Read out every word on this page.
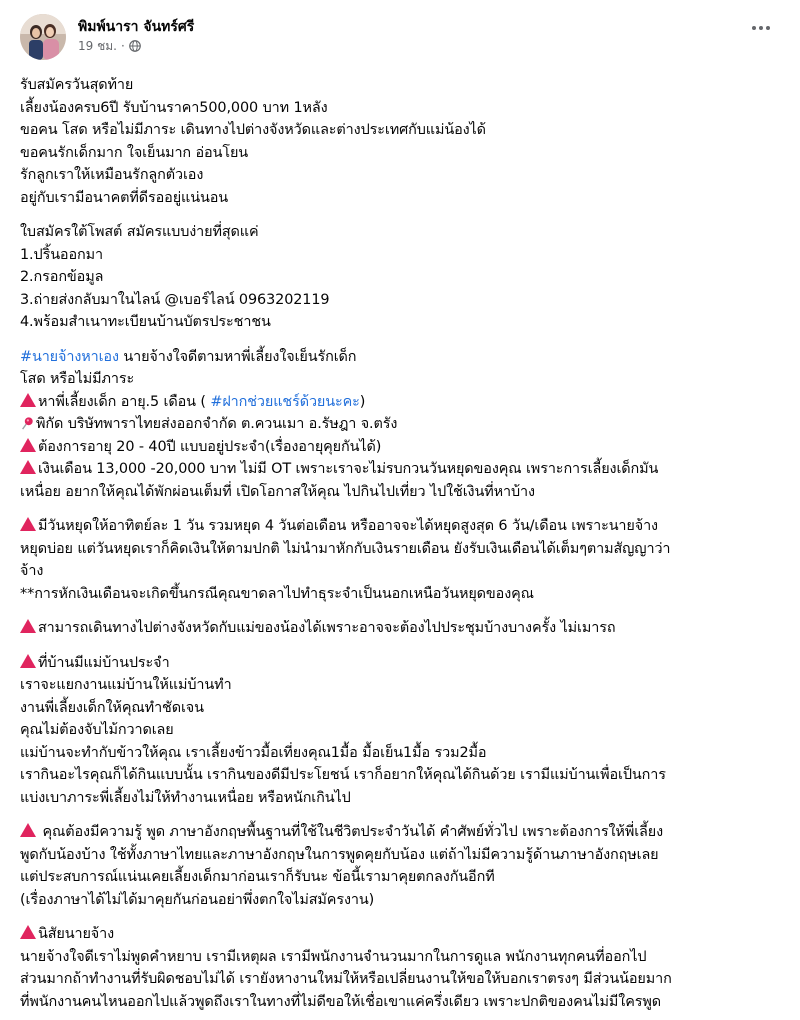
พิมพ์นารา จันทร์ศรี
19 ชม. ·
รับสมัครวันสุดท้าย
เลี้ยงน้องครบ6ปี รับบ้านราคา500,000 บาท 1หลัง
ขอคน โสด หรือไม่มีภาระ เดินทางไปต่างจังหวัดและต่างประเทศกับแม่น้องได้
ขอคนรักเด็กมาก ใจเย็นมาก อ่อนโยน
รักลูกเราให้เหมือนรักลูกตัวเอง
อยู่กับเรามีอนาคตที่ดีรออยู่แน่นอน
ใบสมัครใต้โพสต์ สมัครแบบง่ายที่สุดแค่
1.ปริ้นออกมา
2.กรอกข้อมูล
3.ถ่ายส่งกลับมาในไลน์ @เบอร์ไลน์ 0963202119
4.พร้อมสำเนาทะเบียนบ้านบัตรประชาชน
#นายจ้างหาเอง นายจ้างใจดีตามหาพี่เลี้ยงใจเย็นรักเด็ก
โสด หรือไม่มีภาระ
หาพี่เลี้ยงเด็ก อายุ.5 เดือน ( #ฝากช่วยแชร์ด้วยนะคะ)
พิกัด บริษัทพาราไทยส่งออกจำกัด ต.ควนเมา อ.รัษฎา จ.ตรัง
ต้องการอายุ 20 - 40ปี แบบอยู่ประจำ(เรื่องอายุคุยกันได้)
เงินเดือน 13,000 -20,000 บาท ไม่มี OT เพราะเราจะไม่รบกวนวันหยุดของคุณ เพราะการเลี้ยงเด็กมัน
เหนื่อย อยากให้คุณได้พักผ่อนเต็มที่ เปิดโอกาสให้คุณ ไปกินไปเที่ยว ไปใช้เงินที่หาบ้าง
มีวันหยุดให้อาทิตย์ละ 1 วัน รวมหยุด 4 วันต่อเดือน หรืออาจจะได้หยุดสูงสุด 6 วัน/เดือน เพราะนายจ้าง
หยุดบ่อย แต่วันหยุดเราก็คิดเงินให้ตามปกติ ไม่นำมาหักกับเงินรายเดือน ยังรับเงินเดือนได้เต็มๆตามสัญญาว่า
จ้าง
**การหักเงินเดือนจะเกิดขึ้นกรณีคุณขาดลาไปทำธุระจำเป็นนอกเหนือวันหยุดของคุณ
สามารถเดินทางไปต่างจังหวัดกับแม่ของน้องได้เพราะอาจจะต้องไปประชุมบ้างบางครั้ง ไม่เมารถ
ที่บ้านมีแม่บ้านประจำ
เราจะแยกงานแม่บ้านให้แม่บ้านทำ
งานพี่เลี้ยงเด็กให้คุณทำชัดเจน
คุณไม่ต้องจับไม้กวาดเลย
แม่บ้านจะทำกับข้าวให้คุณ เราเลี้ยงข้าวมื้อเที่ยงคุณ1มื้อ มื้อเย็น1มื้อ รวม2มื้อ
เรากินอะไรคุณก็ได้กินแบบนั้น เรากินของดีมีประโยชน์ เราก็อยากให้คุณได้กินด้วย เรามีแม่บ้านเพื่อเป็นการ
แบ่งเบาภาระพี่เลี้ยงไม่ให้ทำงานเหนื่อย หรือหนักเกินไป
คุณต้องมีความรู้ พูด ภาษาอังกฤษพื้นฐานที่ใช้ในชีวิตประจำวันได้ คำศัพย์ทั่วไป เพราะต้องการให้พี่เลี้ยง
พูดกับน้องบ้าง ใช้ทั้งภาษาไทยและภาษาอังกฤษในการพูดคุยกับน้อง แต่ถ้าไม่มีความรู้ด้านภาษาอังกฤษเลย
แต่ประสบการณ์แน่นเคยเลี้ยงเด็กมาก่อนเราก็รับนะ ข้อนี้เรามาคุยตกลงกันอีกที
(เรื่องภาษาได้ไม่ได้มาคุยกันก่อนอย่าพึ่งตกใจไม่สมัครงาน)
นิสัยนายจ้าง
นายจ้างใจดีเราไม่พูดคำหยาบ เรามีเหตุผล เรามีพนักงานจำนวนมากในการดูแล พนักงานทุกคนที่ออกไป
ส่วนมากถ้าทำงานที่รับผิดชอบไม่ได้ เรายังหางานใหม่ให้หรือเปลี่ยนงานให้ขอให้บอกเราตรงๆ มีส่วนน้อยมาก
ที่พนักงานคนไหนออกไปแล้วพูดถึงเราในทางที่ไม่ดีขอให้เชื่อเขาแค่ครึ่งเดียว เพราะปกติของคนไม่มีใครพูด
